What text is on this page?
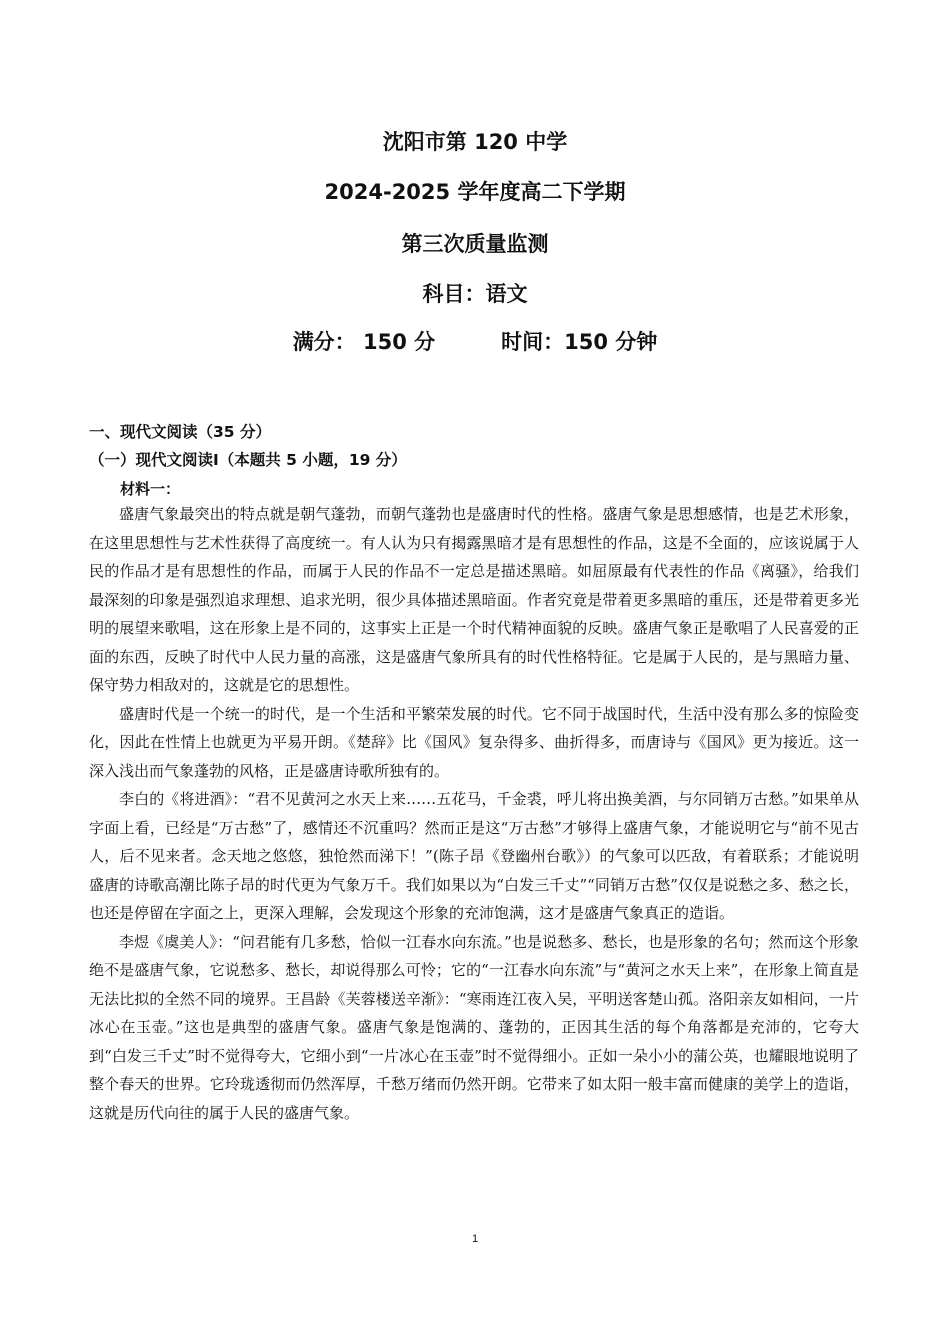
沈阳市第 120 中学
2024-2025 学年度高二下学期
第三次质量监测
科目：语文
满分： 150 分	时间：150 分钟
一、现代文阅读（35 分）
（一）现代文阅读Ⅰ（本题共 5 小题，19 分）
材料一：

盛唐气象最突出的特点就是朝气蓬勃，而朝气蓬勃也是盛唐时代的性格。盛唐气象是思想感情，也是艺术形象，在这里思想性与艺术性获得了高度统一。有人认为只有揭露黑暗才是有思想性的作品，这是不全面的，应该说属于人民的作品才是有思想性的作品，而属于人民的作品不一定总是描述黑暗。如屈原最有代表性的作品《离骚》，给我们最深刻的印象是强烈追求理想、追求光明，很少具体描述黑暗面。作者究竟是带着更多黑暗的重压，还是带着更多光明的展望来歌唱，这在形象上是不同的，这事实上正是一个时代精神面貌的反映。盛唐气象正是歌唱了人民喜爱的正面的东西，反映了时代中人民力量的高涨，这是盛唐气象所具有的时代性格特征。它是属于人民的，是与黑暗力量、保守势力相敌对的，这就是它的思想性。

盛唐时代是一个统一的时代，是一个生活和平繁荣发展的时代。它不同于战国时代，生活中没有那么多的惊险变化，因此在性情上也就更为平易开朗。《楚辞》比《国风》复杂得多、曲折得多，而唐诗与《国风》更为接近。这一深入浅出而气象蓬勃的风格，正是盛唐诗歌所独有的。

李白的《将进酒》：“君不见黄河之水天上来……五花马，千金裘，呼儿将出换美酒，与尔同销万古愁。”如果单从字面上看，已经是“万古愁”了，感情还不沉重吗？然而正是这“万古愁”才够得上盛唐气象，才能说明它与“前不见古人，后不见来者。念天地之悠悠，独怆然而涕下！”(陈子昂《登幽州台歌》）的气象可以匹敌，有着联系；才能说明盛唐的诗歌高潮比陈子昂的时代更为气象万千。我们如果以为“白发三千丈”“同销万古愁”仅仅是说愁之多、愁之长，也还是停留在字面之上，更深入理解，会发现这个形象的充沛饱满，这才是盛唐气象真正的造诣。

李煜《虞美人》：“问君能有几多愁，恰似一江春水向东流。”也是说愁多、愁长，也是形象的名句；然而这个形象绝不是盛唐气象，它说愁多、愁长，却说得那么可怜；它的“一江春水向东流”与“黄河之水天上来”，在形象上简直是无法比拟的全然不同的境界。王昌龄《芙蓉楼送辛渐》：“寒雨连江夜入吴，平明送客楚山孤。洛阳亲友如相问，一片冰心在玉壶。”这也是典型的盛唐气象。盛唐气象是饱满的、蓬勃的，正因其生活的每个角落都是充沛的，它夸大到“白发三千丈”时不觉得夸大，它细小到“一片冰心在玉壶”时不觉得细小。正如一朵小小的蒲公英，也耀眼地说明了整个春天的世界。它玲珑透彻而仍然浑厚，千愁万绪而仍然开朗。它带来了如太阳一般丰富而健康的美学上的造诣，这就是历代向往的属于人民的盛唐气象。

1
